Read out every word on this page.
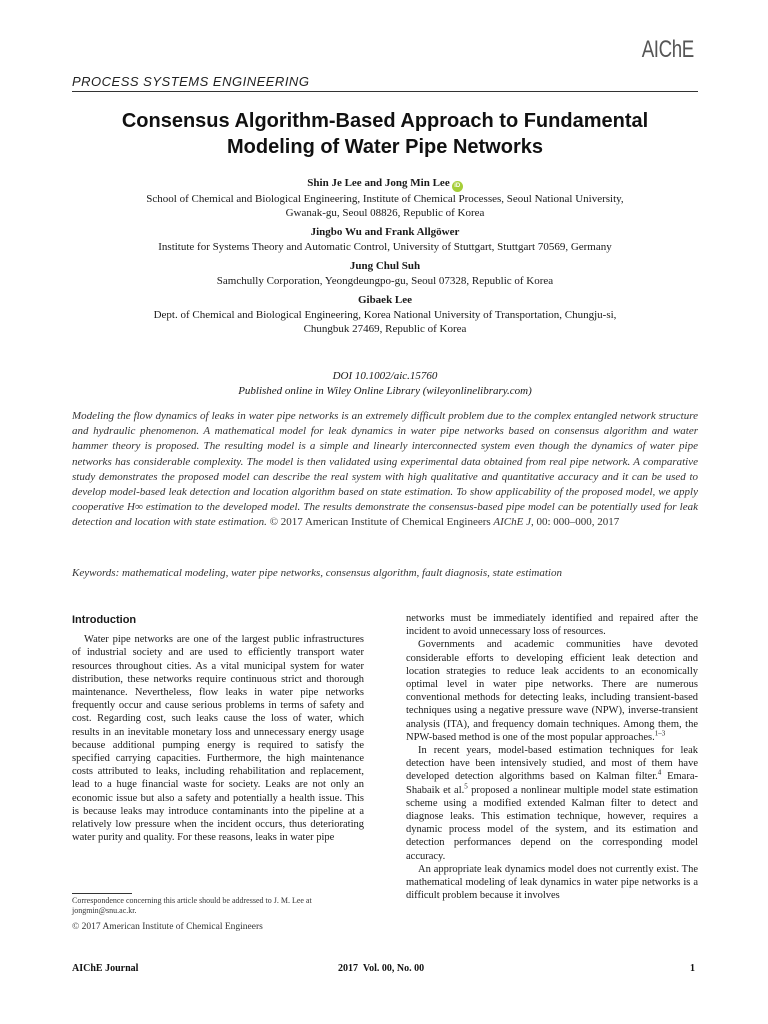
AIChE
PROCESS SYSTEMS ENGINEERING
Consensus Algorithm-Based Approach to Fundamental
Modeling of Water Pipe Networks
Shin Je Lee and Jong Min Lee iD
School of Chemical and Biological Engineering, Institute of Chemical Processes, Seoul National University,
Gwanak-gu, Seoul 08826, Republic of Korea
Jingbo Wu and Frank Allgöwer
Institute for Systems Theory and Automatic Control, University of Stuttgart, Stuttgart 70569, Germany
Jung Chul Suh
Samchully Corporation, Yeongdeungpo-gu, Seoul 07328, Republic of Korea
Gibaek Lee
Dept. of Chemical and Biological Engineering, Korea National University of Transportation, Chungju-si,
Chungbuk 27469, Republic of Korea
DOI 10.1002/aic.15760
Published online in Wiley Online Library (wileyonlinelibrary.com)
Modeling the flow dynamics of leaks in water pipe networks is an extremely difficult problem due to the complex entangled network structure and hydraulic phenomenon. A mathematical model for leak dynamics in water pipe networks based on consensus algorithm and water hammer theory is proposed. The resulting model is a simple and linearly interconnected system even though the dynamics of water pipe networks has considerable complexity. The model is then validated using experimental data obtained from real pipe network. A comparative study demonstrates the proposed model can describe the real system with high qualitative and quantitative accuracy and it can be used to develop model-based leak detection and location algorithm based on state estimation. To show applicability of the proposed model, we apply cooperative H∞ estimation to the developed model. The results demonstrate the consensus-based pipe model can be potentially used for leak detection and location with state estimation. © 2017 American Institute of Chemical Engineers AIChE J, 00: 000–000, 2017
Keywords: mathematical modeling, water pipe networks, consensus algorithm, fault diagnosis, state estimation
Introduction

Water pipe networks are one of the largest public infrastructures of industrial society and are used to efficiently transport water resources throughout cities. As a vital municipal system for water distribution, these networks require continuous strict and thorough maintenance. Nevertheless, flow leaks in water pipe networks frequently occur and cause serious problems in terms of safety and cost. Regarding cost, such leaks cause the loss of water, which results in an inevitable monetary loss and unnecessary energy usage because additional pumping energy is required to satisfy the specified carrying capacities. Furthermore, the high maintenance costs attributed to leaks, including rehabilitation and replacement, lead to a huge financial waste for society. Leaks are not only an economic issue but also a safety and potentially a health issue. This is because leaks may introduce contaminants into the pipeline at a relatively low pressure when the incident occurs, thus deteriorating water purity and quality. For these reasons, leaks in water pipe

networks must be immediately identified and repaired after the incident to avoid unnecessary loss of resources.

Governments and academic communities have devoted considerable efforts to developing efficient leak detection and location strategies to reduce leak accidents to an economically optimal level in water pipe networks. There are numerous conventional methods for detecting leaks, including transient-based techniques using a negative pressure wave (NPW), inverse-transient analysis (ITA), and frequency domain techniques. Among them, the NPW-based method is one of the most popular approaches.$^{1-3}$

In recent years, model-based estimation techniques for leak detection have been intensively studied, and most of them have developed detection algorithms based on Kalman filter.$^4$ Emara-Shabaik et al.$^5$ proposed a nonlinear multiple model state estimation scheme using a modified extended Kalman filter to detect and diagnose leaks. This estimation technique, however, requires a dynamic process model of the system, and its estimation and detection performances depend on the corresponding model accuracy.

An appropriate leak dynamics model does not currently exist. The mathematical modeling of leak dynamics in water pipe networks is a difficult problem because it involves

Correspondence concerning this article should be addressed to J. M. Lee at jongmin@snu.ac.kr.
© 2017 American Institute of Chemical Engineers
AIChE Journal	2017  Vol. 00, No. 00	1
